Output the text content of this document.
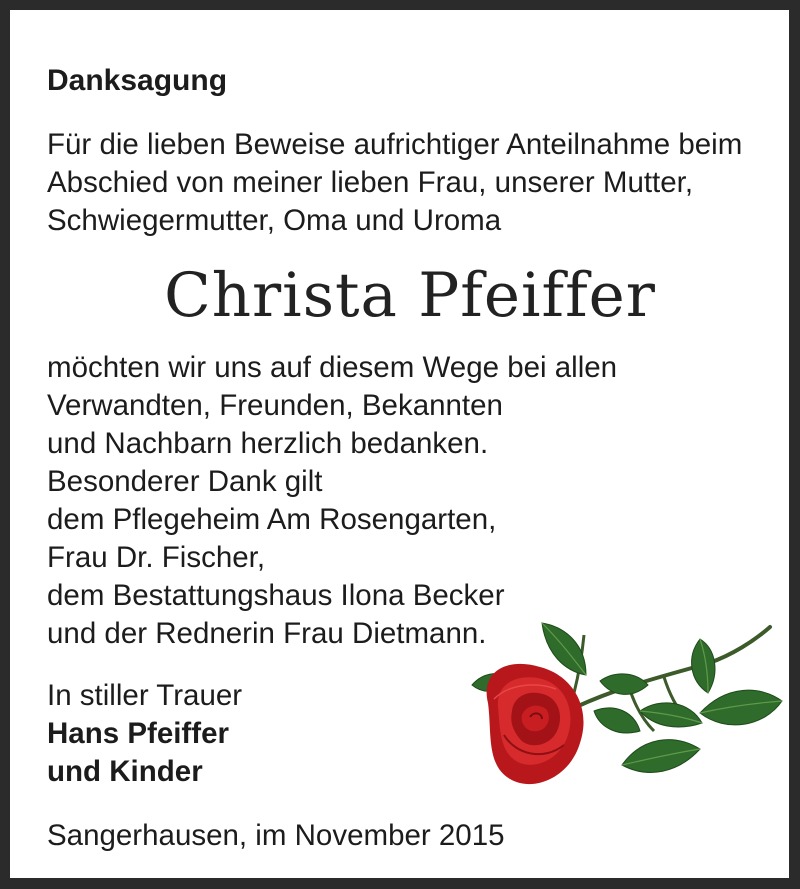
Danksagung

Für die lieben Beweise aufrichtiger Anteilnahme beim
Abschied von meiner lieben Frau, unserer Mutter,
Schwiegermutter, Oma und Uroma

Christa Pfeiffer

möchten wir uns auf diesem Wege bei allen
Verwandten, Freunden, Bekannten
und Nachbarn herzlich bedanken.
Besonderer Dank gilt
dem Pflegeheim Am Rosengarten,
Frau Dr. Fischer,
dem Bestattungshaus Ilona Becker
und der Rednerin Frau Dietmann.

In stiller Trauer

Hans Pfeiffer
und Kinder

Sangerhausen, im November 2015
